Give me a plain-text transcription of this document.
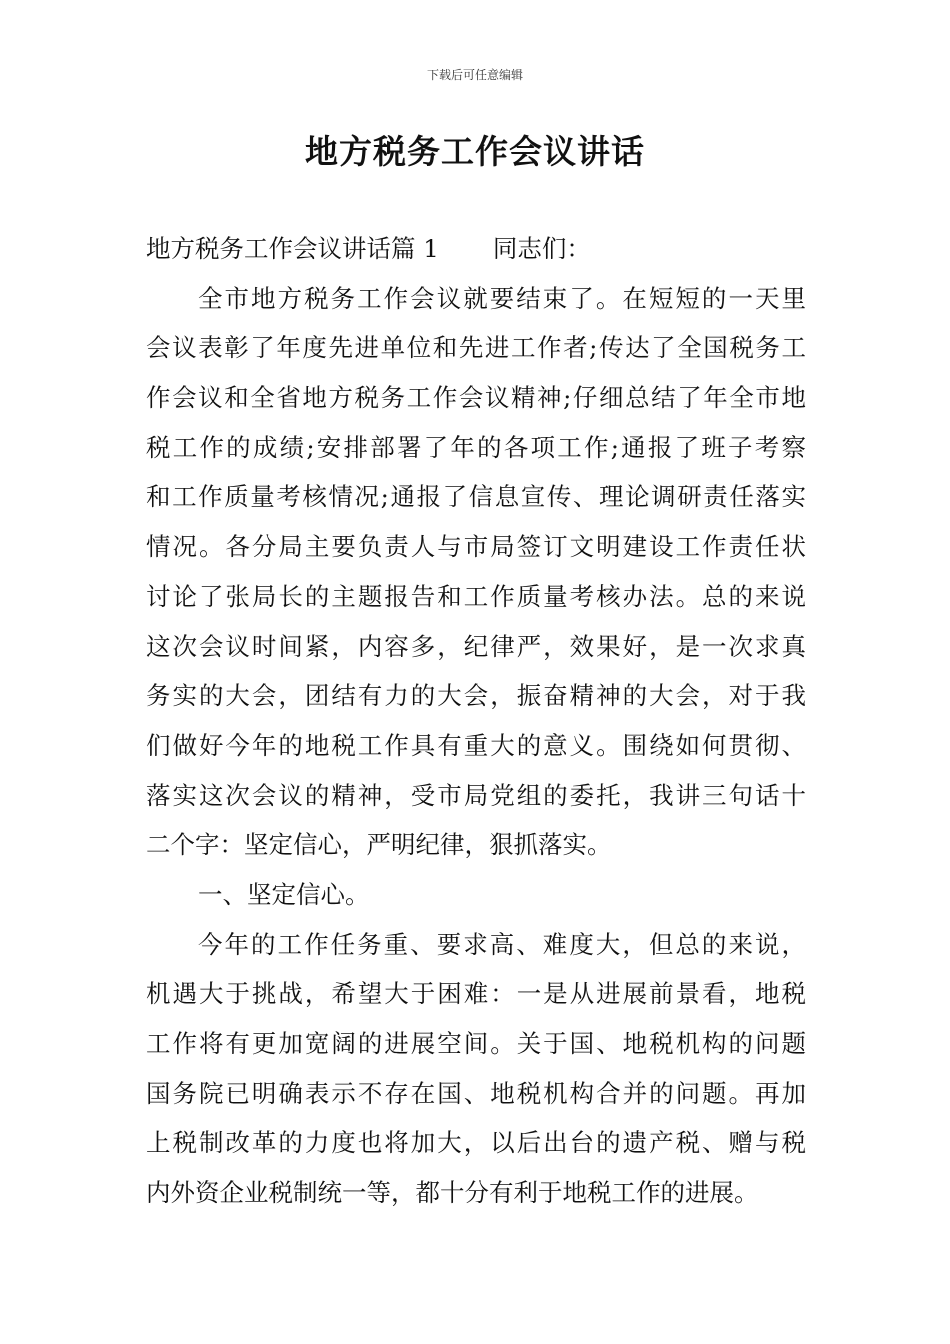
下载后可任意编辑
地方税务工作会议讲话
地方税务工作会议讲话篇 1 同志们：
全市地方税务工作会议就要结束了。在短短的一天里
会议表彰了年度先进单位和先进工作者;传达了全国税务工
作会议和全省地方税务工作会议精神;仔细总结了年全市地
税工作的成绩;安排部署了年的各项工作;通报了班子考察
和工作质量考核情况;通报了信息宣传、理论调研责任落实
情况。各分局主要负责人与市局签订文明建设工作责任状
讨论了张局长的主题报告和工作质量考核办法。总的来说
这次会议时间紧，内容多，纪律严，效果好，是一次求真
务实的大会，团结有力的大会，振奋精神的大会，对于我
们做好今年的地税工作具有重大的意义。围绕如何贯彻、
落实这次会议的精神，受市局党组的委托，我讲三句话十
二个字：坚定信心，严明纪律，狠抓落实。
一、坚定信心。
今年的工作任务重、要求高、难度大，但总的来说，
机遇大于挑战，希望大于困难：一是从进展前景看，地税
工作将有更加宽阔的进展空间。关于国、地税机构的问题
国务院已明确表示不存在国、地税机构合并的问题。再加
上税制改革的力度也将加大，以后出台的遗产税、赠与税
内外资企业税制统一等，都十分有利于地税工作的进展。
